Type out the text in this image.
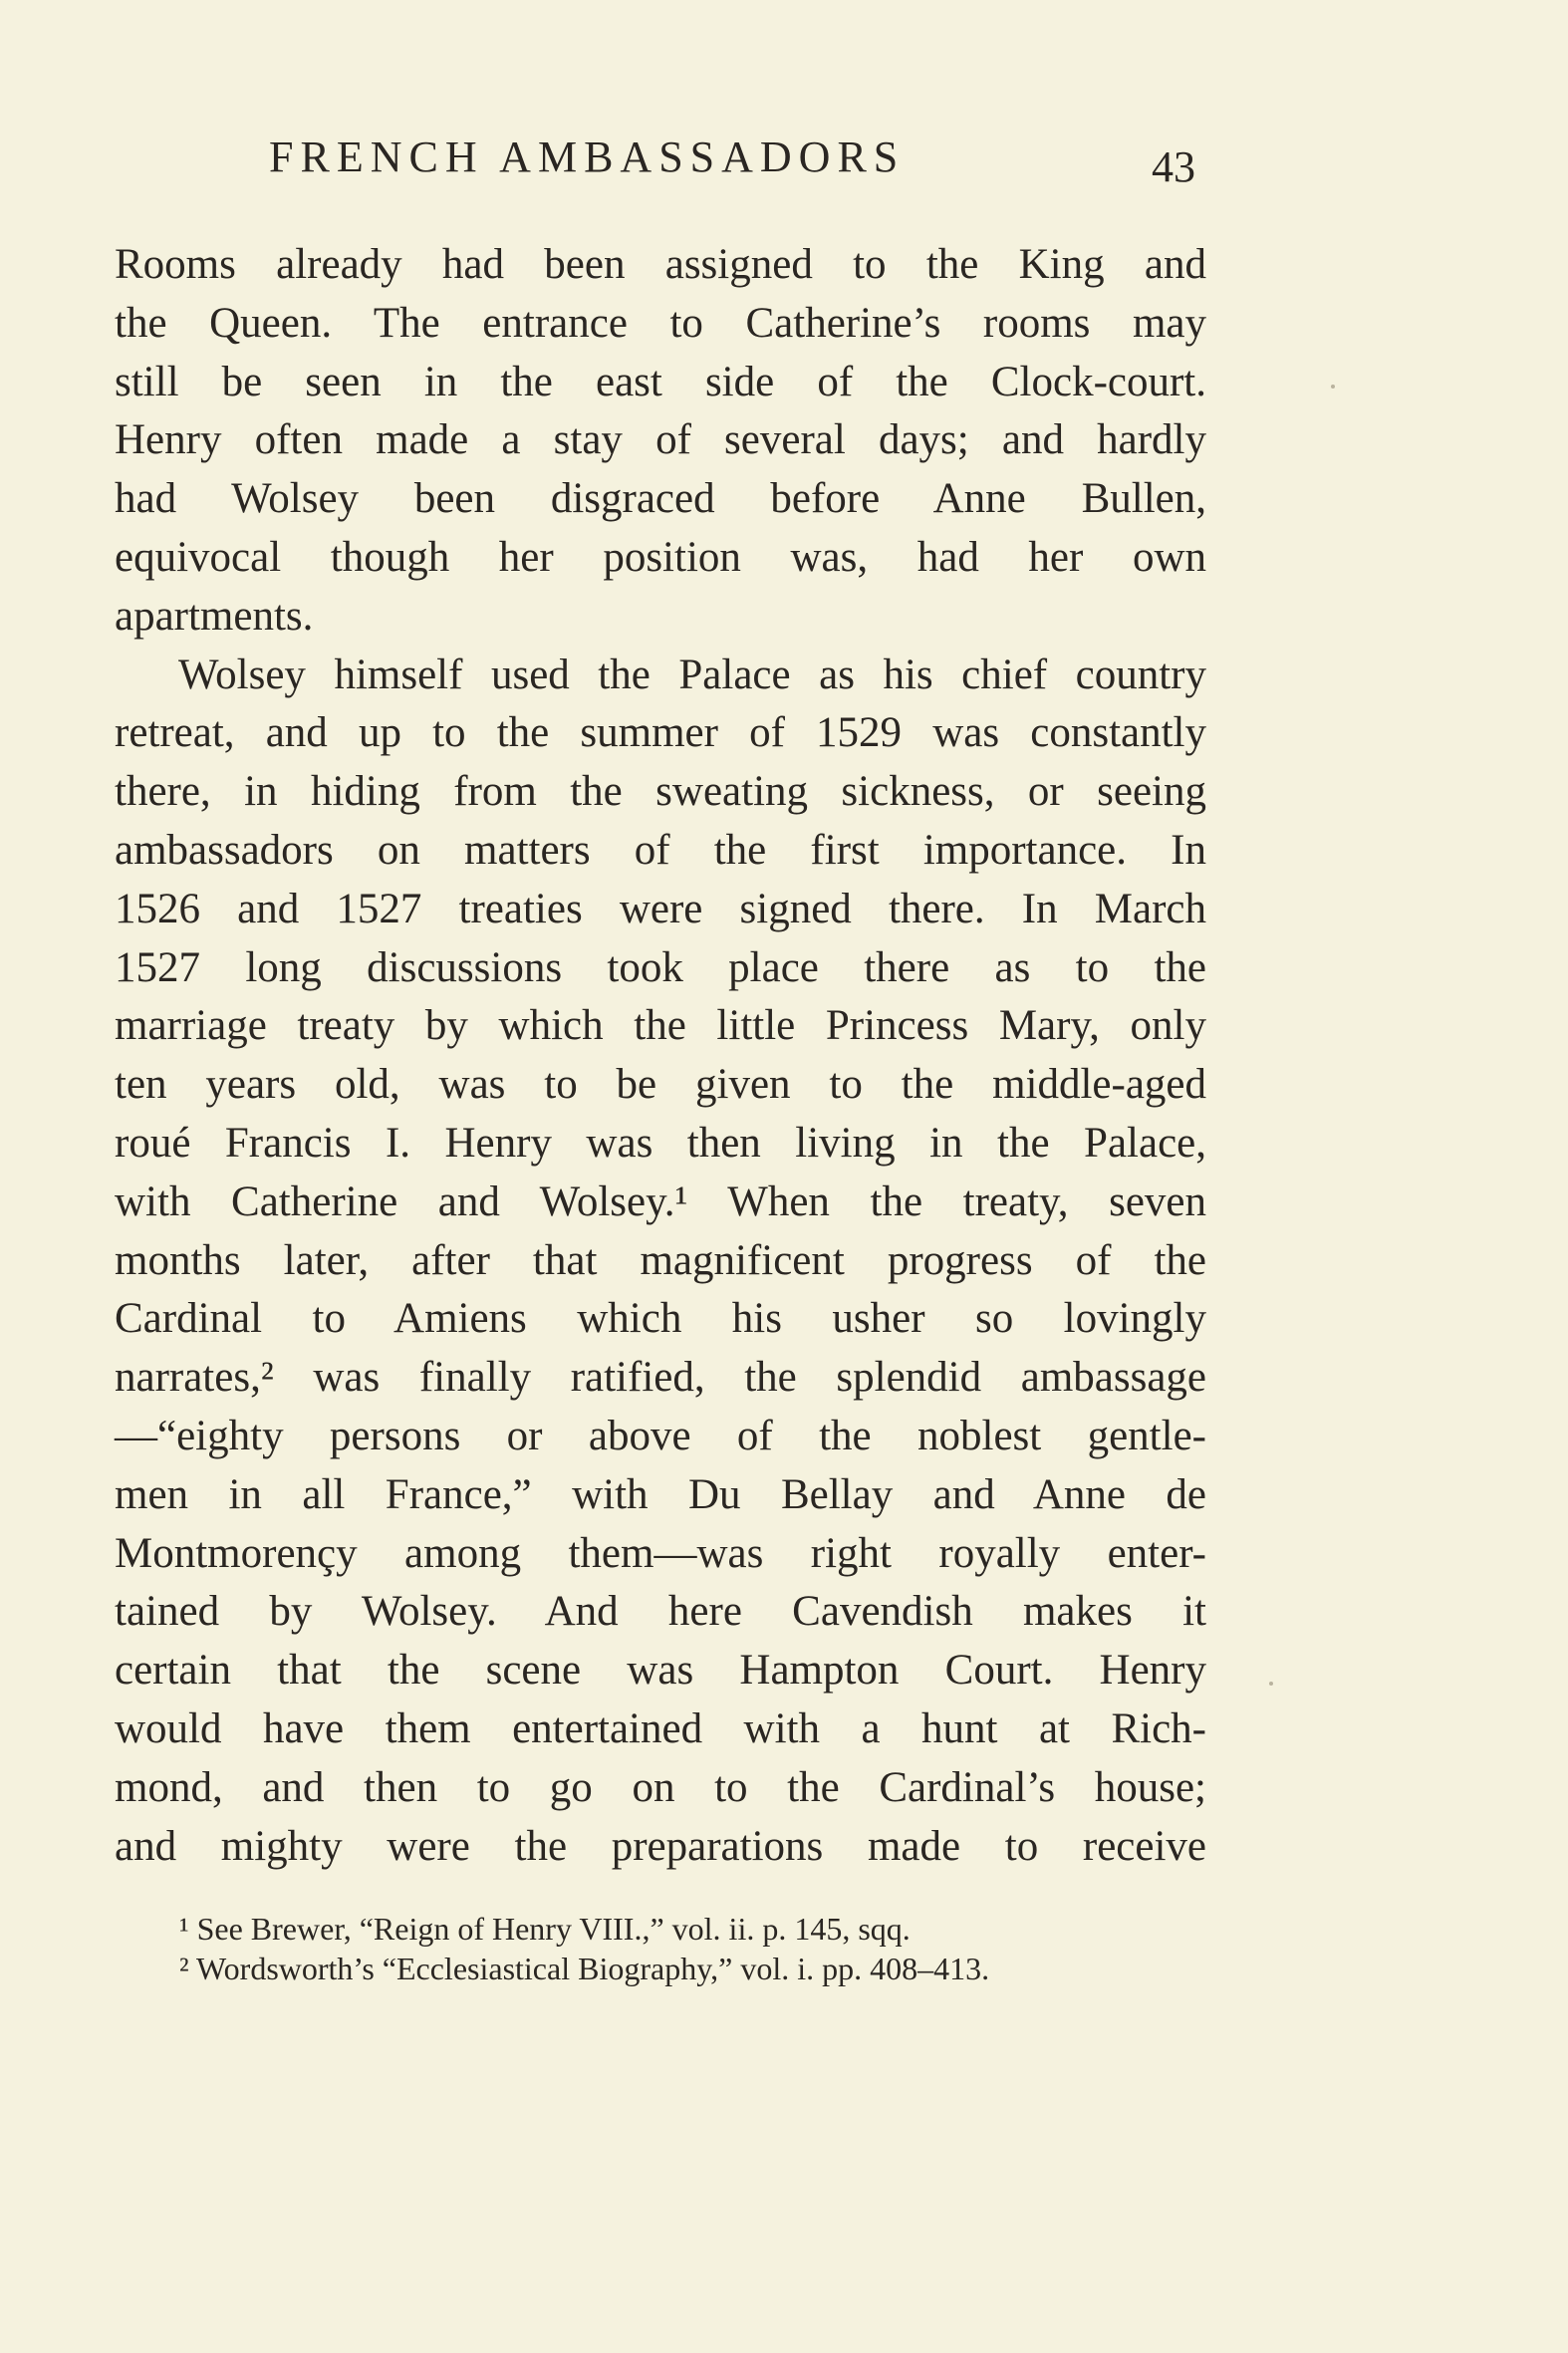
FRENCH AMBASSADORS	43
Rooms already had been assigned to the King and
the Queen. The entrance to Catherine’s rooms may
still be seen in the east side of the Clock-court.
Henry often made a stay of several days; and hardly
had Wolsey been disgraced before Anne Bullen,
equivocal though her position was, had her own
apartments.
Wolsey himself used the Palace as his chief country
retreat, and up to the summer of 1529 was constantly
there, in hiding from the sweating sickness, or seeing
ambassadors on matters of the first importance. In
1526 and 1527 treaties were signed there. In March
1527 long discussions took place there as to the
marriage treaty by which the little Princess Mary, only
ten years old, was to be given to the middle-aged
roué Francis I. Henry was then living in the Palace,
with Catherine and Wolsey.¹ When the treaty, seven
months later, after that magnificent progress of the
Cardinal to Amiens which his usher so lovingly
narrates,² was finally ratified, the splendid ambassage
—“eighty persons or above of the noblest gentle-
men in all France,” with Du Bellay and Anne de
Montmorençy among them—was right royally enter-
tained by Wolsey. And here Cavendish makes it
certain that the scene was Hampton Court. Henry
would have them entertained with a hunt at Rich-
mond, and then to go on to the Cardinal’s house;
and mighty were the preparations made to receive
¹ See Brewer, “Reign of Henry VIII.,” vol. ii. p. 145, sqq.
² Wordsworth’s “Ecclesiastical Biography,” vol. i. pp. 408–413.
